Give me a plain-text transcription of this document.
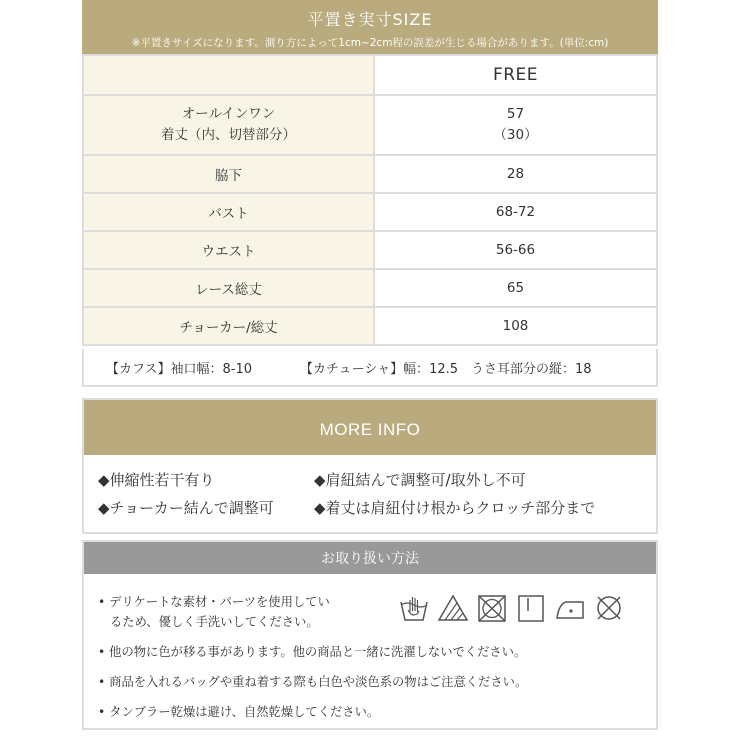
平置き実寸SIZE
※平置きサイズになります。測り方によって1cm~2cm程の誤差が生じる場合があります。(単位:cm)
	FREE
オールインワン
着丈（内、切替部分）	57
（30）
脇下	28
バスト	68-72
ウエスト	56-66
レース総丈	65
チョーカー/総丈	108
【カフス】袖口幅：8-10	【カチューシャ】幅：12.5　うさ耳部分の縦：18
MORE INFO
◆伸縮性若干有り	◆肩紐結んで調整可/取外し不可
◆チョーカー結んで調整可	◆着丈は肩紐付け根からクロッチ部分まで
お取り扱い方法
• デリケートな素材・パーツを使用してい
るため、優しく手洗いしてください。
• 他の物に色が移る事があります。他の商品と一緒に洗濯しないでください。
• 商品を入れるバッグや重ね着する際も白色や淡色系の物はご注意ください。
• タンブラー乾燥は避け、自然乾燥してください。
